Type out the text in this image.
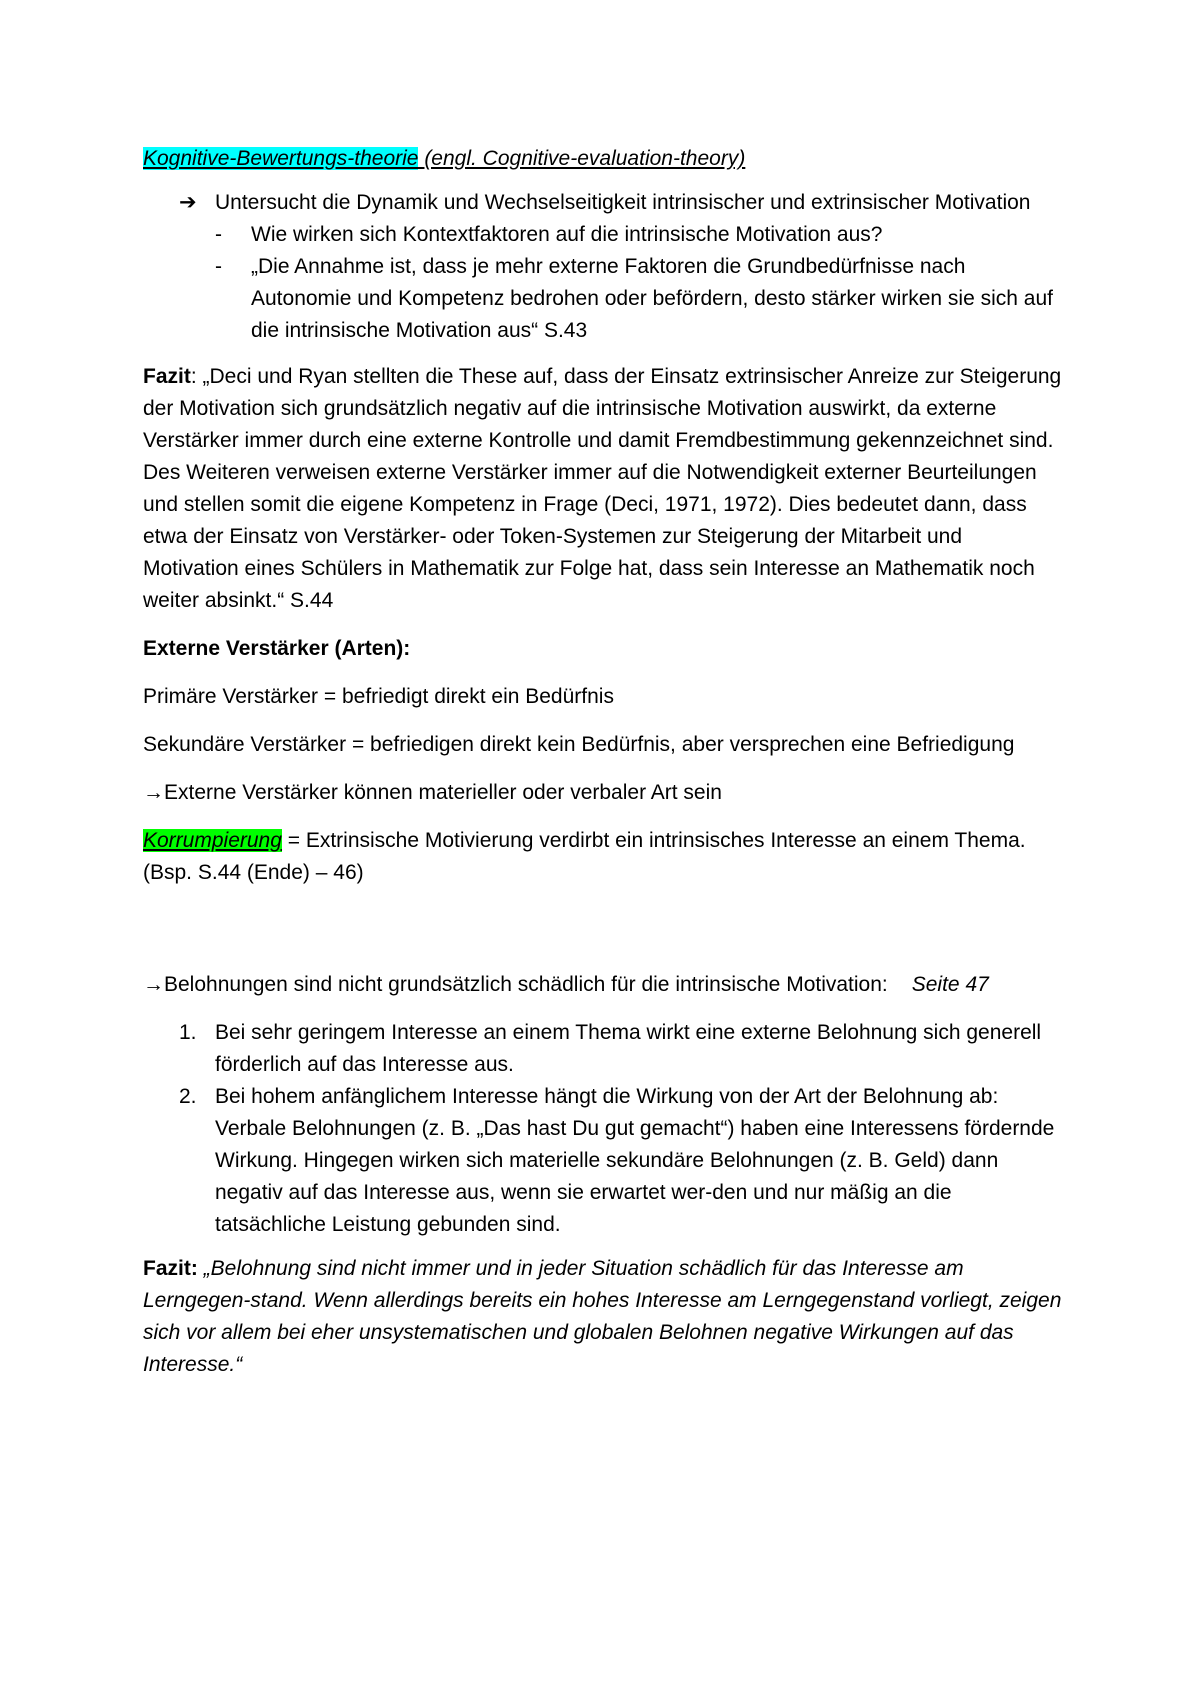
Kognitive-Bewertungs-theorie (engl. Cognitive-evaluation-theory)
➔ Untersucht die Dynamik und Wechselseitigkeit intrinsischer und extrinsischer Motivation
-	Wie wirken sich Kontextfaktoren auf die intrinsische Motivation aus?
-	„Die Annahme ist, dass je mehr externe Faktoren die Grundbedürfnisse nach Autonomie und Kompetenz bedrohen oder befördern, desto stärker wirken sie sich auf die intrinsische Motivation aus“ S.43

Fazit: „Deci und Ryan stellten die These auf, dass der Einsatz extrinsischer Anreize zur Steigerung der Motivation sich grundsätzlich negativ auf die intrinsische Motivation auswirkt, da externe Verstärker immer durch eine externe Kontrolle und damit Fremdbestimmung gekennzeichnet sind. Des Weiteren verweisen externe Verstärker immer auf die Notwendigkeit externer Beurteilungen und stellen somit die eigene Kompetenz in Frage (Deci, 1971, 1972). Dies bedeutet dann, dass etwa der Einsatz von Verstärker- oder Token-Systemen zur Steigerung der Mitarbeit und Motivation eines Schülers in Mathematik zur Folge hat, dass sein Interesse an Mathematik noch weiter absinkt.“ S.44

Externe Verstärker (Arten):

Primäre Verstärker = befriedigt direkt ein Bedürfnis

Sekundäre Verstärker = befriedigen direkt kein Bedürfnis, aber versprechen eine Befriedigung

→Externe Verstärker können materieller oder verbaler Art sein

Korrumpierung = Extrinsische Motivierung verdirbt ein intrinsisches Interesse an einem Thema. (Bsp. S.44 (Ende) – 46)

→Belohnungen sind nicht grundsätzlich schädlich für die intrinsische Motivation: Seite 47

1. Bei sehr geringem Interesse an einem Thema wirkt eine externe Belohnung sich generell förderlich auf das Interesse aus.
2. Bei hohem anfänglichem Interesse hängt die Wirkung von der Art der Belohnung ab: Verbale Belohnungen (z. B. „Das hast Du gut gemacht“) haben eine Interessens fördernde Wirkung. Hingegen wirken sich materielle sekundäre Belohnungen (z. B. Geld) dann negativ auf das Interesse aus, wenn sie erwartet wer-den und nur mäßig an die tatsächliche Leistung gebunden sind.

Fazit: „Belohnung sind nicht immer und in jeder Situation schädlich für das Interesse am Lerngegen-stand. Wenn allerdings bereits ein hohes Interesse am Lerngegenstand vorliegt, zeigen sich vor allem bei eher unsystematischen und globalen Belohnen negative Wirkungen auf das Interesse.“
